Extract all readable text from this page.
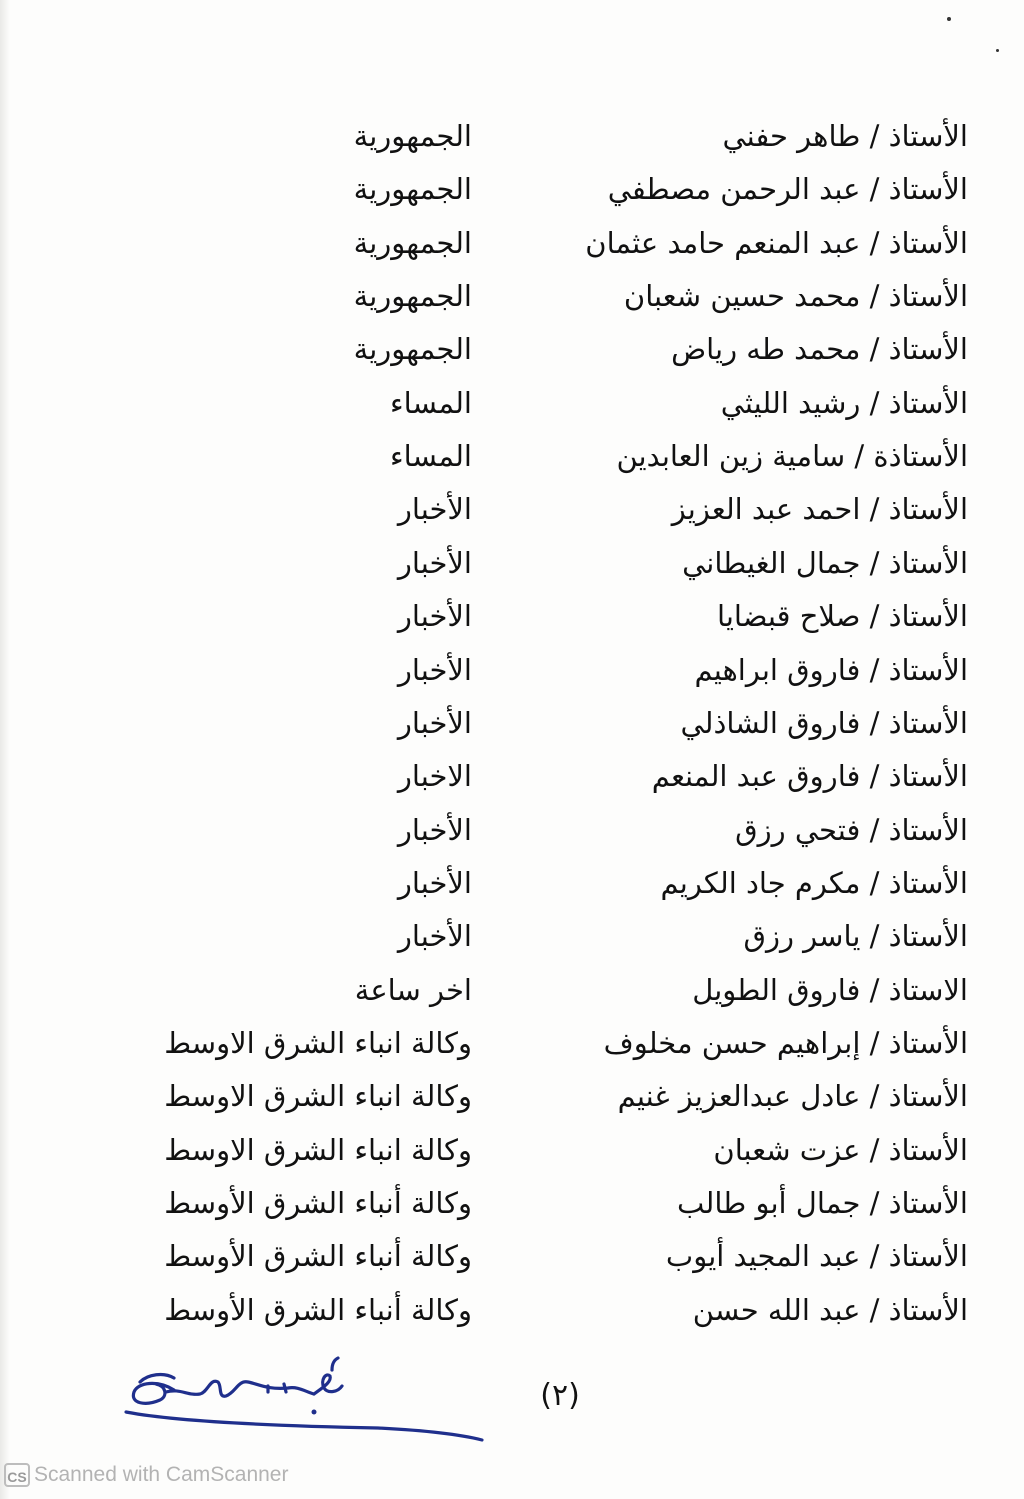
الأستاذ / طاهر حفني
الجمهورية
الأستاذ / عبد الرحمن مصطفي
الجمهورية
الأستاذ / عبد المنعم حامد عثمان
الجمهورية
الأستاذ / محمد حسين شعبان
الجمهورية
الأستاذ / محمد طه رياض
الجمهورية
الأستاذ / رشيد الليثي
المساء
الأستاذة / سامية زين العابدين
المساء
الأستاذ / احمد عبد العزيز
الأخبار
الأستاذ / جمال الغيطاني
الأخبار
الأستاذ / صلاح قبضايا
الأخبار
الأستاذ / فاروق ابراهيم
الأخبار
الأستاذ / فاروق الشاذلي
الأخبار
الأستاذ / فاروق عبد المنعم
الاخبار
الأستاذ / فتحي رزق
الأخبار
الأستاذ / مكرم جاد الكريم
الأخبار
الأستاذ / ياسر رزق
الأخبار
الاستاذ / فاروق الطويل
اخر ساعة
الأستاذ / إبراهيم حسن مخلوف
وكالة انباء الشرق الاوسط
الأستاذ / عادل عبدالعزيز غنيم
وكالة انباء الشرق الاوسط
الأستاذ / عزت شعبان
وكالة انباء الشرق الاوسط
الأستاذ / جمال أبو طالب
وكالة أنباء الشرق الأوسط
الأستاذ / عبد المجيد أيوب
وكالة أنباء الشرق الأوسط
الأستاذ / عبد الله حسن
وكالة أنباء الشرق الأوسط
(٢)
CS Scanned with CamScanner
